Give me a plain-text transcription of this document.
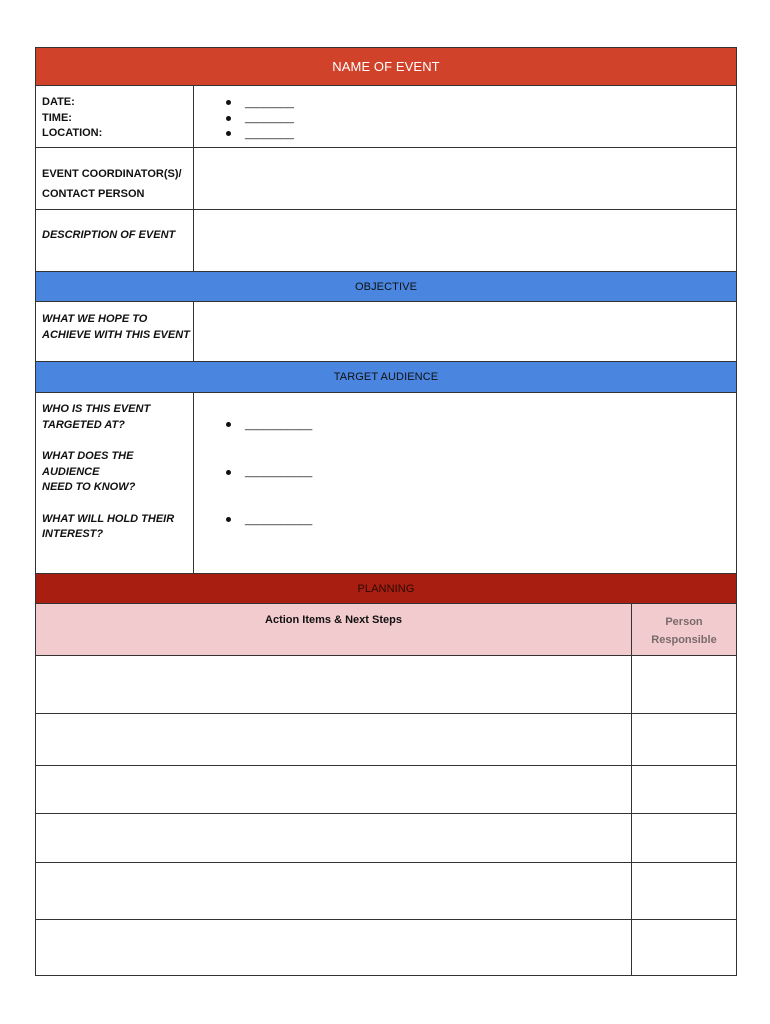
NAME OF EVENT
DATE:
TIME:
LOCATION:
________
________
________
EVENT COORDINATOR(S)/
CONTACT PERSON
DESCRIPTION OF EVENT
OBJECTIVE
WHAT WE HOPE TO
ACHIEVE WITH THIS EVENT
TARGET AUDIENCE
WHO IS THIS EVENT
TARGETED AT?
WHAT DOES THE AUDIENCE
NEED TO KNOW?
WHAT WILL HOLD THEIR
INTEREST?
___________
___________
___________
PLANNING
Action Items & Next Steps	Person
Responsible
